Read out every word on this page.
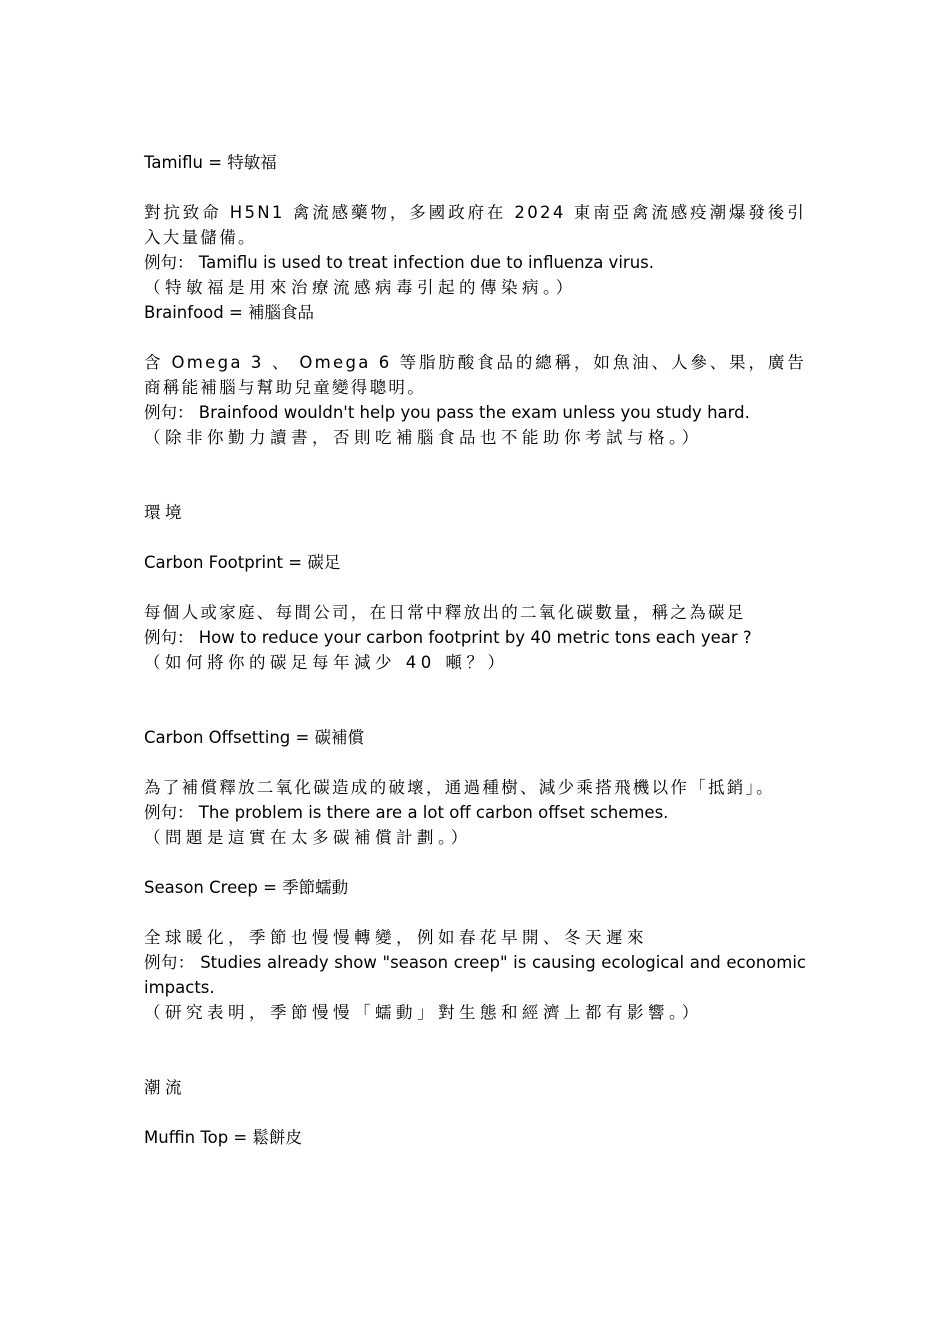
Tamiflu = 特敏福

對抗致命 H5N1 禽流感藥物，多國政府在 2024 東南亞禽流感疫潮爆發後引入大量儲備。

例句： Tamiflu is used to treat infection due to influenza virus.

（特敏福是用來治療流感病毒引起的傳染病。）

Brainfood = 補腦食品

含 Omega 3 、 Omega 6 等脂肪酸食品的總稱，如魚油、人參、果，廣告商稱能補腦与幫助兒童變得聰明。

例句： Brainfood wouldn't help you pass the exam unless you study hard.

（除非你勤力讀書，否則吃補腦食品也不能助你考試与格。）

環境

Carbon Footprint = 碳足

每個人或家庭、每間公司，在日常中釋放出的二氧化碳數量，稱之為碳足

例句： How to reduce your carbon footprint by 40 metric tons each year ?

（如何將你的碳足每年減少 40 噸？）

Carbon Offsetting = 碳補償

為了補償釋放二氧化碳造成的破壞，通過種樹、減少乘搭飛機以作「抵銷」。

例句： The problem is there are a lot off carbon offset schemes.

（問題是這實在太多碳補償計劃。）

Season Creep = 季節蠕動

全球暖化，季節也慢慢轉變，例如春花早開、冬天遲來

例句： Studies already show "season creep" is causing ecological and economic impacts.

（研究表明，季節慢慢「蠕動」對生態和經濟上都有影響。）

潮流

Muffin Top = 鬆餅皮
